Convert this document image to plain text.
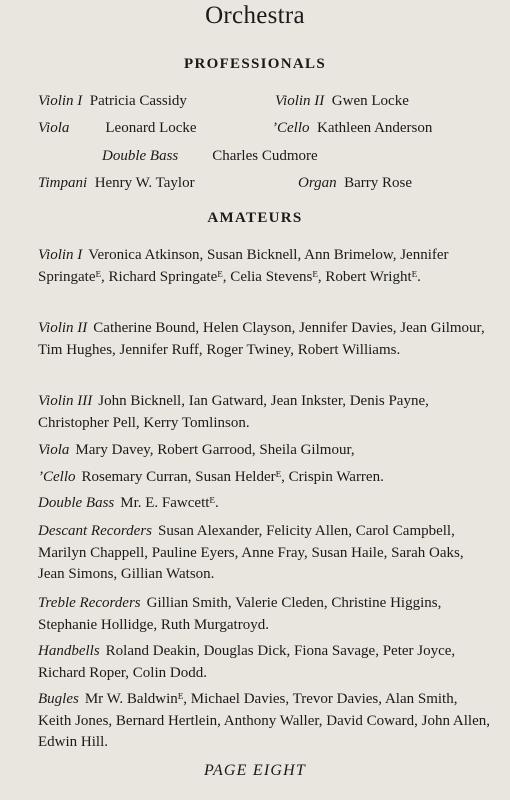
Orchestra
PROFESSIONALS
Violin I Patricia Cassidy	Violin II Gwen Locke
Viola Leonard Locke	’Cello Kathleen Anderson
Double Bass Charles Cudmore
Timpani Henry W. Taylor	Organ Barry Rose
AMATEURS
Violin I Veronica Atkinson, Susan Bicknell, Ann Brimelow, Jennifer Springateᴱ, Richard Springateᴱ, Celia Stevensᴱ, Robert Wrightᴱ.
Violin II Catherine Bound, Helen Clayson, Jennifer Davies, Jean Gilmour, Tim Hughes, Jennifer Ruff, Roger Twiney, Robert Williams.
Violin III John Bicknell, Ian Gatward, Jean Inkster, Denis Payne, Christopher Pell, Kerry Tomlinson.
Viola Mary Davey, Robert Garrood, Sheila Gilmour,
’Cello Rosemary Curran, Susan Helderᴱ, Crispin Warren.
Double Bass Mr. E. Fawcettᴱ.
Descant Recorders Susan Alexander, Felicity Allen, Carol Campbell, Marilyn Chappell, Pauline Eyers, Anne Fray, Susan Haile, Sarah Oaks, Jean Simons, Gillian Watson.
Treble Recorders Gillian Smith, Valerie Cleden, Christine Higgins, Stephanie Hollidge, Ruth Murgatroyd.
Handbells Roland Deakin, Douglas Dick, Fiona Savage, Peter Joyce, Richard Roper, Colin Dodd.
Bugles Mr W. Baldwinᴱ, Michael Davies, Trevor Davies, Alan Smith, Keith Jones, Bernard Hertlein, Anthony Waller, David Coward, John Allen, Edwin Hill.
PAGE EIGHT
